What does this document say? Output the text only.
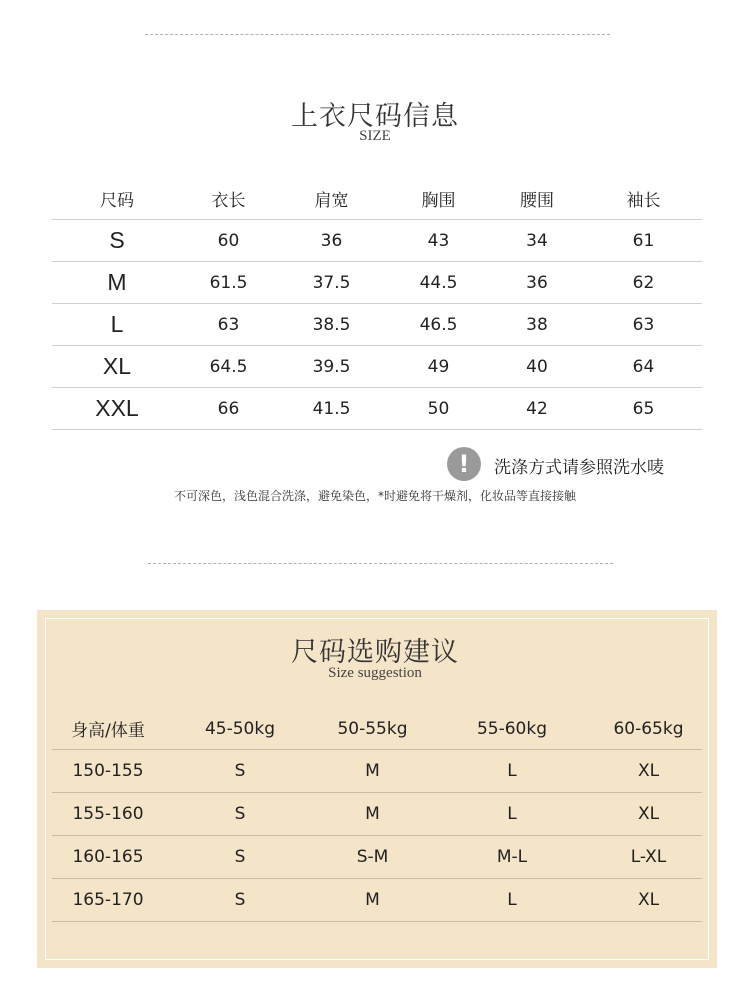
上衣尺码信息
SIZE
尺码	衣长	肩宽	胸围	腰围	袖长
S	60	36	43	34	61
M	61.5	37.5	44.5	36	62
L	63	38.5	46.5	38	63
XL	64.5	39.5	49	40	64
XXL	66	41.5	50	42	65
!	洗涤方式请参照洗水唛
不可深色，浅色混合洗涤，避免染色，*时避免将干燥剂，化妆品等直接接触
尺码选购建议
Size suggestion
身高/体重	45-50kg	50-55kg	55-60kg	60-65kg
150-155	S	M	L	XL
155-160	S	M	L	XL
160-165	S	S-M	M-L	L-XL
165-170	S	M	L	XL
